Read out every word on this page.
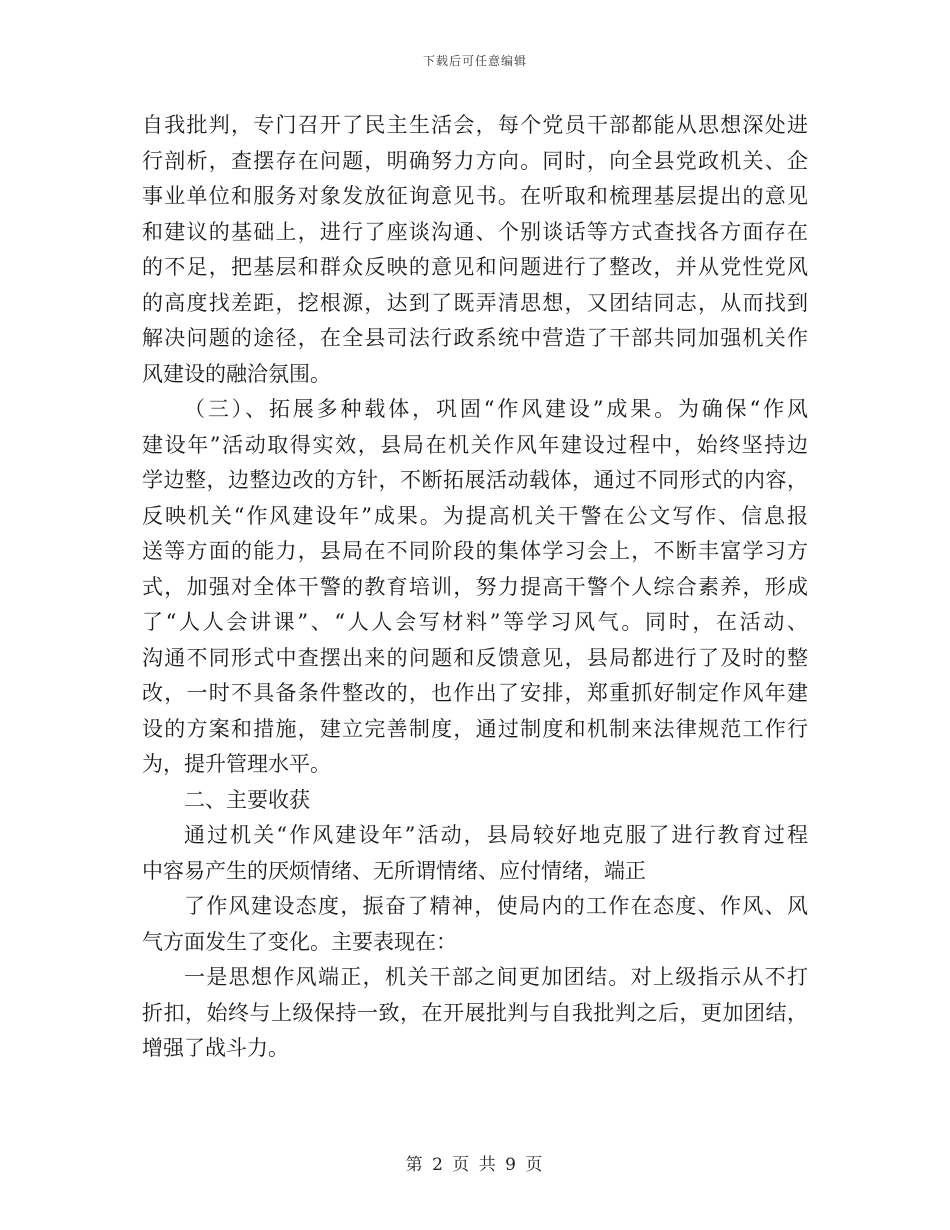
下载后可任意编辑
自我批判，专门召开了民主生活会，每个党员干部都能从思想深处进
行剖析，查摆存在问题，明确努力方向。同时，向全县党政机关、企
事业单位和服务对象发放征询意见书。在听取和梳理基层提出的意见
和建议的基础上，进行了座谈沟通、个别谈话等方式查找各方面存在
的不足，把基层和群众反映的意见和问题进行了整改，并从党性党风
的高度找差距，挖根源，达到了既弄清思想，又团结同志，从而找到
解决问题的途径，在全县司法行政系统中营造了干部共同加强机关作
风建设的融洽氛围。
（三）、拓展多种载体，巩固“作风建设”成果。为确保“作风
建设年”活动取得实效，县局在机关作风年建设过程中，始终坚持边
学边整，边整边改的方针，不断拓展活动载体，通过不同形式的内容，
反映机关“作风建设年”成果。为提高机关干警在公文写作、信息报
送等方面的能力，县局在不同阶段的集体学习会上，不断丰富学习方
式，加强对全体干警的教育培训，努力提高干警个人综合素养，形成
了“人人会讲课”、“人人会写材料”等学习风气。同时，在活动、
沟通不同形式中查摆出来的问题和反馈意见，县局都进行了及时的整
改，一时不具备条件整改的，也作出了安排，郑重抓好制定作风年建
设的方案和措施，建立完善制度，通过制度和机制来法律规范工作行
为，提升管理水平。
二、主要收获
通过机关“作风建设年”活动，县局较好地克服了进行教育过程
中容易产生的厌烦情绪、无所谓情绪、应付情绪，端正
了作风建设态度，振奋了精神，使局内的工作在态度、作风、风
气方面发生了变化。主要表现在：
一是思想作风端正，机关干部之间更加团结。对上级指示从不打
折扣，始终与上级保持一致，在开展批判与自我批判之后，更加团结，
增强了战斗力。
第 2 页 共 9 页
